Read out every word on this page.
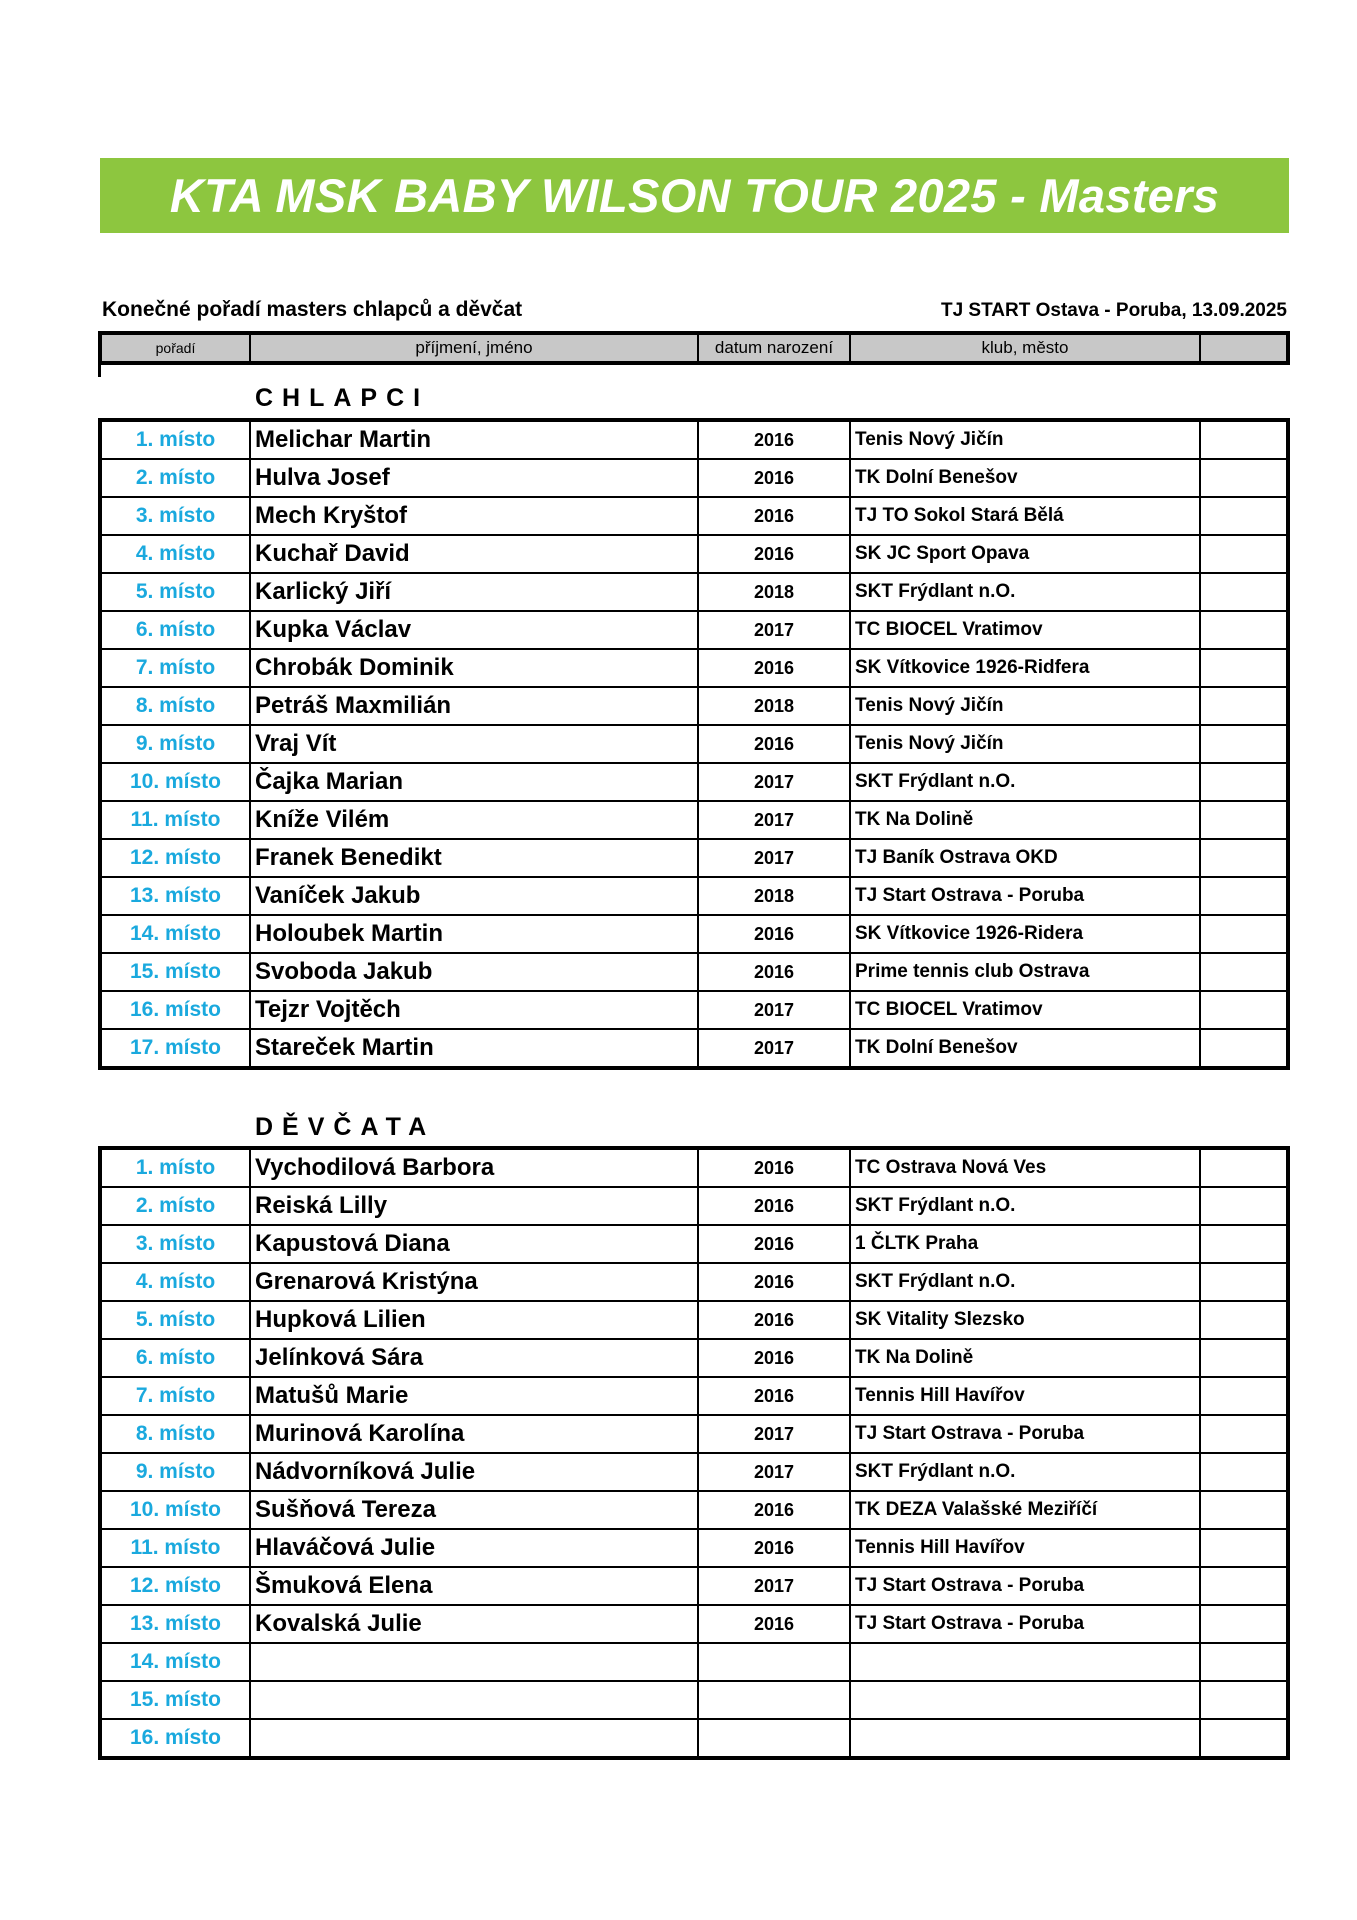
KTA MSK BABY WILSON TOUR 2025 - Masters
Konečné pořadí masters chlapců a děvčat	TJ START Ostava - Poruba, 13.09.2025
pořadí	příjmení, jméno	datum narození	klub, město	
CHLAPCI
1. místo	Melichar Martin	2016	Tenis Nový Jičín	
2. místo	Hulva Josef	2016	TK Dolní Benešov	
3. místo	Mech Kryštof	2016	TJ TO Sokol Stará Bělá	
4. místo	Kuchař David	2016	SK JC Sport Opava	
5. místo	Karlický Jiří	2018	SKT Frýdlant n.O.	
6. místo	Kupka Václav	2017	TC BIOCEL Vratimov	
7. místo	Chrobák Dominik	2016	SK Vítkovice 1926-Ridfera	
8. místo	Petráš Maxmilián	2018	Tenis Nový Jičín	
9. místo	Vraj Vít	2016	Tenis Nový Jičín	
10. místo	Čajka Marian	2017	SKT Frýdlant n.O.	
11. místo	Kníže Vilém	2017	TK Na Dolině	
12. místo	Franek Benedikt	2017	TJ Baník Ostrava OKD	
13. místo	Vaníček Jakub	2018	TJ Start Ostrava - Poruba	
14. místo	Holoubek Martin	2016	SK Vítkovice 1926-Ridera	
15. místo	Svoboda Jakub	2016	Prime tennis club Ostrava	
16. místo	Tejzr Vojtěch	2017	TC BIOCEL Vratimov	
17. místo	Stareček Martin	2017	TK Dolní Benešov	
DĚVČATA
1. místo	Vychodilová Barbora	2016	TC Ostrava Nová Ves	
2. místo	Reiská Lilly	2016	SKT Frýdlant n.O.	
3. místo	Kapustová Diana	2016	1 ČLTK Praha	
4. místo	Grenarová Kristýna	2016	SKT Frýdlant n.O.	
5. místo	Hupková Lilien	2016	SK Vitality Slezsko	
6. místo	Jelínková Sára	2016	TK Na Dolině	
7. místo	Matušů Marie	2016	Tennis Hill Havířov	
8. místo	Murinová Karolína	2017	TJ Start Ostrava - Poruba	
9. místo	Nádvorníková Julie	2017	SKT Frýdlant n.O.	
10. místo	Sušňová Tereza	2016	TK DEZA Valašské Meziříčí	
11. místo	Hlaváčová Julie	2016	Tennis Hill Havířov	
12. místo	Šmuková Elena	2017	TJ Start Ostrava - Poruba	
13. místo	Kovalská Julie	2016	TJ Start Ostrava - Poruba	
14. místo				
15. místo				
16. místo				
